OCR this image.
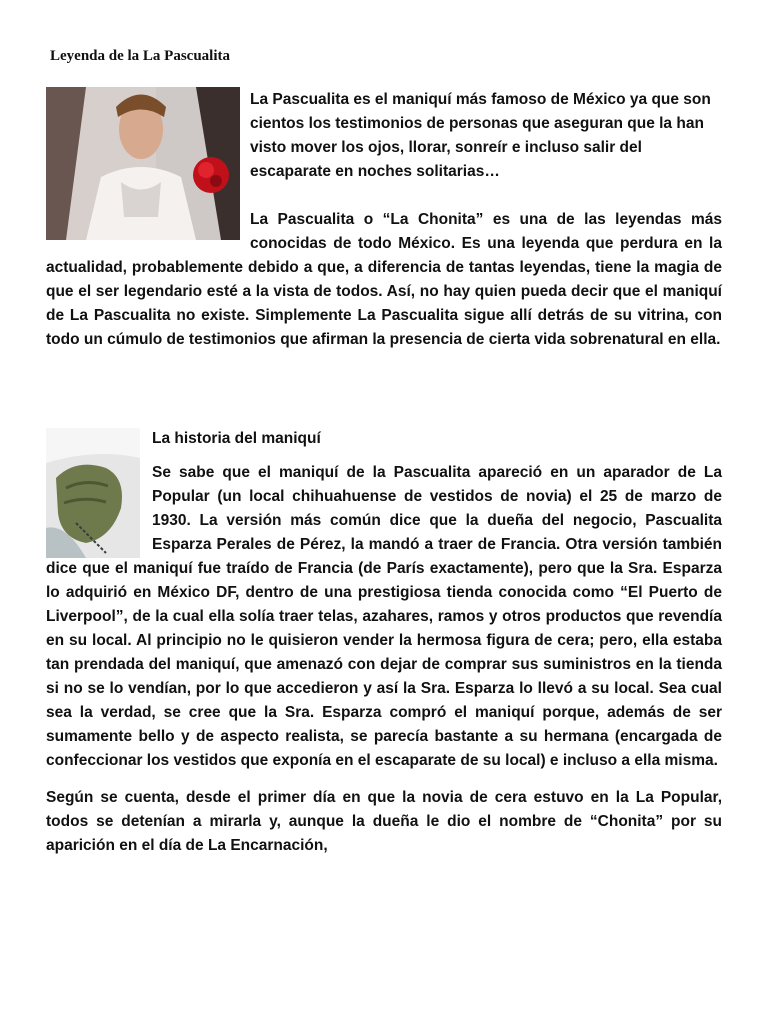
Leyenda de la La Pascualita

La Pascualita es el maniquí más famoso de México ya que son cientos los testimonios de personas que aseguran que la han visto mover los ojos, llorar, sonreír e incluso salir del escaparate en noches solitarias…

La Pascualita o “La Chonita” es una de las leyendas más conocidas de todo México. Es una leyenda que perdura en la actualidad, probablemente debido a que, a diferencia de tantas leyendas, tiene la magia de que el ser legendario esté a la vista de todos. Así, no hay quien pueda decir que el maniquí de La Pascualita no existe. Simplemente La Pascualita sigue allí detrás de su vitrina, con todo un cúmulo de testimonios que afirman la presencia de cierta vida sobrenatural en ella.

La historia del maniquí

Se sabe que el maniquí de la Pascualita apareció en un aparador de La Popular (un local chihuahuense de vestidos de novia) el 25 de marzo de 1930. La versión más común dice que la dueña del negocio, Pascualita Esparza Perales de Pérez, la mandó a traer de Francia. Otra versión también dice que el maniquí fue traído de Francia (de París exactamente), pero que la Sra. Esparza lo adquirió en México DF, dentro de una prestigiosa tienda conocida como “El Puerto de Liverpool”, de la cual ella solía traer telas, azahares, ramos y otros productos que revendía en su local. Al principio no le quisieron vender la hermosa figura de cera; pero, ella estaba tan prendada del maniquí, que amenazó con dejar de comprar sus suministros en la tienda si no se lo vendían, por lo que accedieron y así la Sra. Esparza lo llevó a su local. Sea cual sea la verdad, se cree que la Sra. Esparza compró el maniquí porque, además de ser sumamente bello y de aspecto realista, se parecía bastante a su hermana (encargada de confeccionar los vestidos que exponía en el escaparate de su local) e incluso a ella misma.

Según se cuenta, desde el primer día en que la novia de cera estuvo en la La Popular, todos se detenían a mirarla y, aunque la dueña le dio el nombre de “Chonita” por su aparición en el día de La Encarnación,
